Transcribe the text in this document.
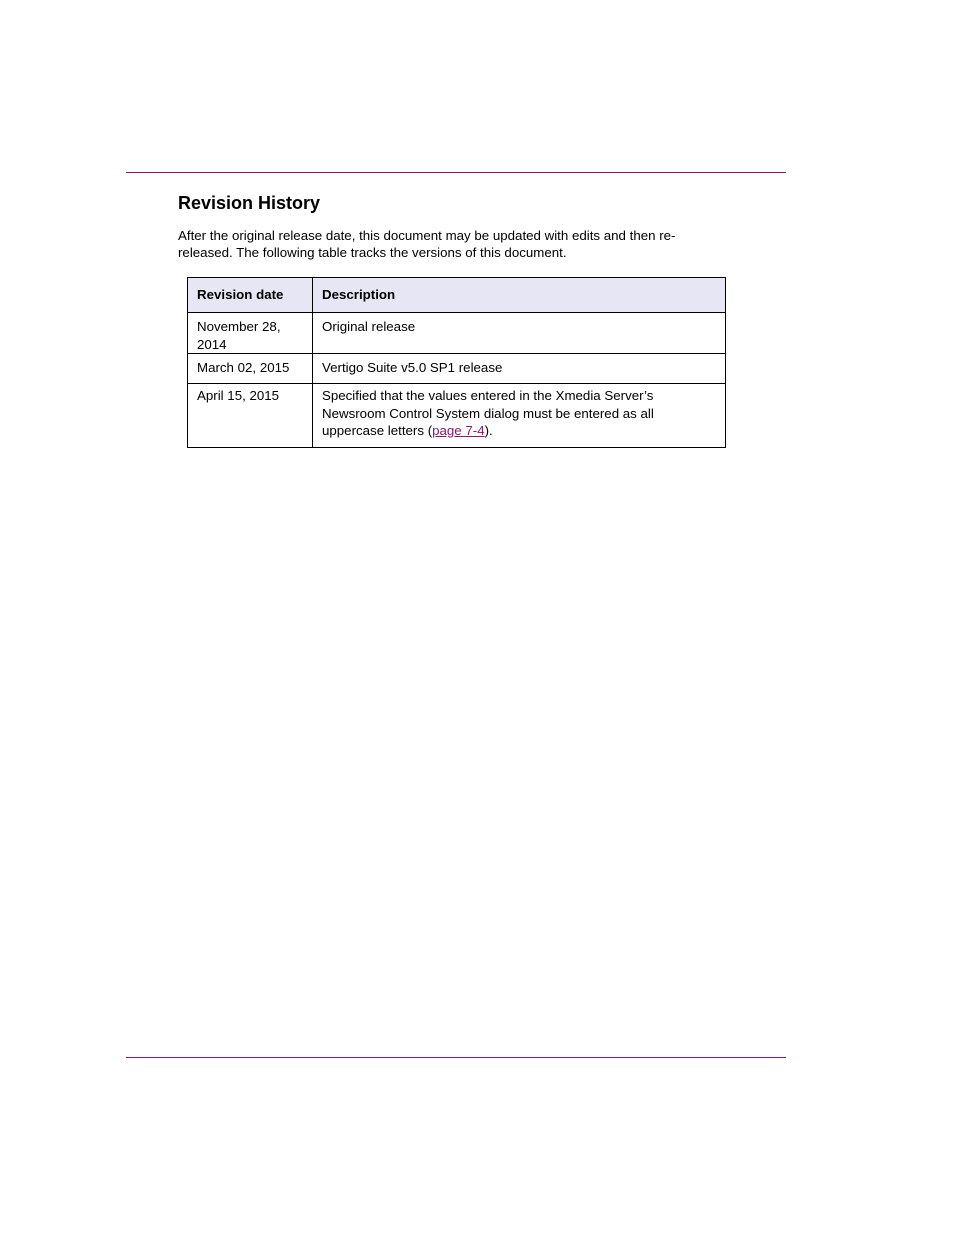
Revision History

After the original release date, this document may be updated with edits and then re-released. The following table tracks the versions of this document.

Revision date	Description
November 28, 2014	Original release
March 02, 2015	Vertigo Suite v5.0 SP1 release
April 15, 2015	Specified that the values entered in the Xmedia Server’s Newsroom Control System dialog must be entered as all uppercase letters (page 7-4).
